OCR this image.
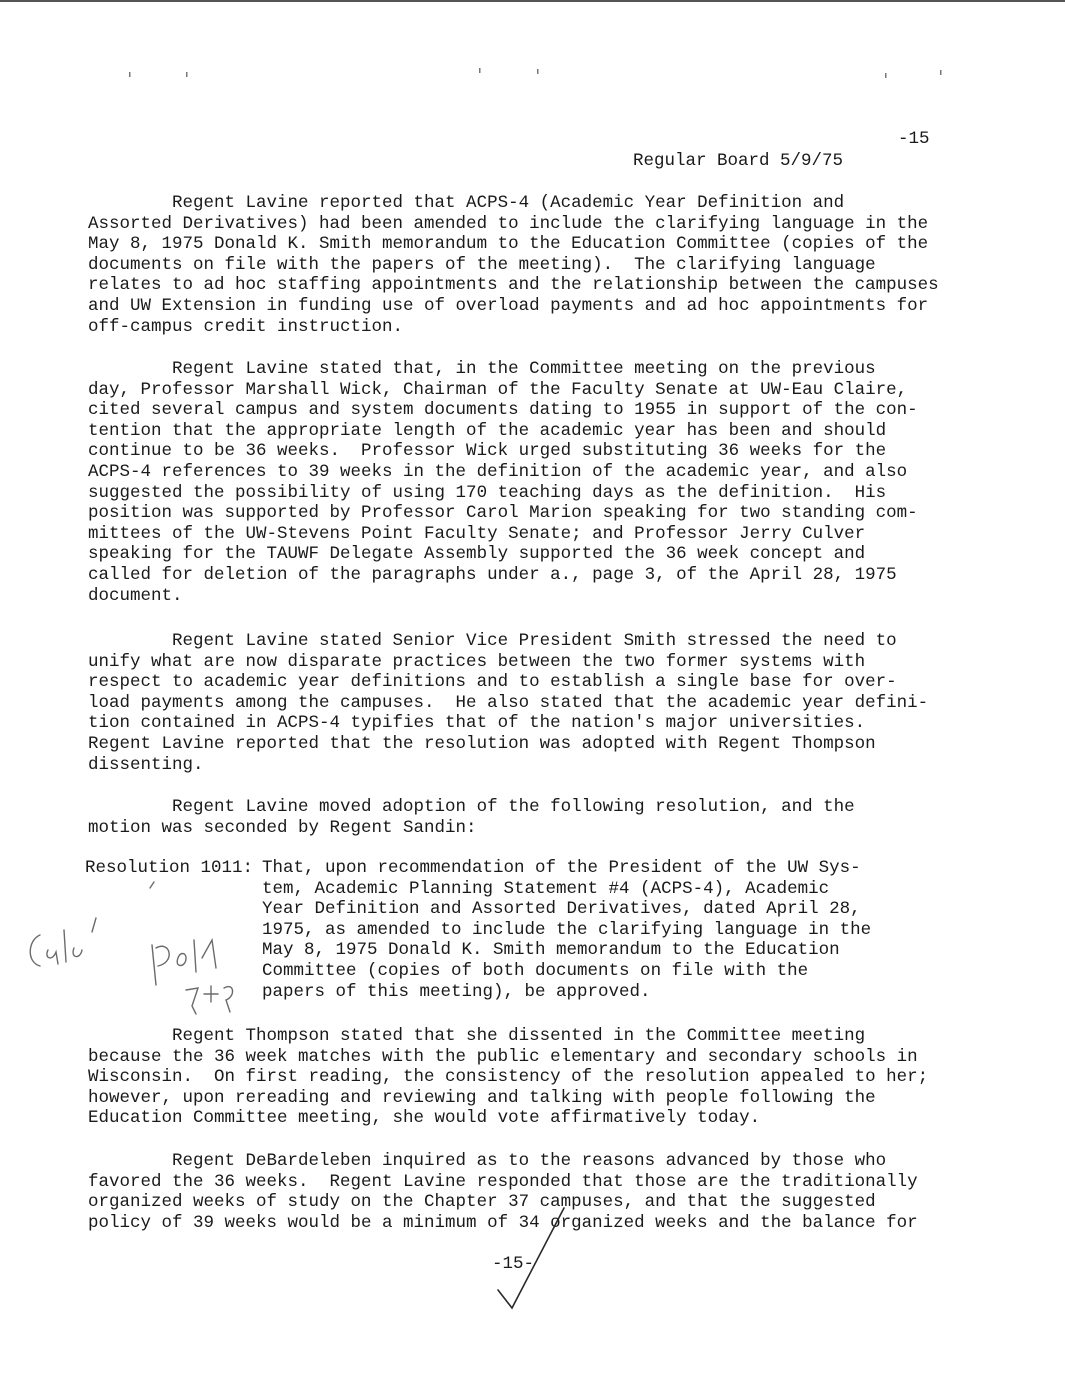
Regular Board 5/9/75

-15

Regent Lavine reported that ACPS-4 (Academic Year Definition and
Assorted Derivatives) had been amended to include the clarifying language in the
May 8, 1975 Donald K. Smith memorandum to the Education Committee (copies of the
documents on file with the papers of the meeting).  The clarifying language
relates to ad hoc staffing appointments and the relationship between the campuses
and UW Extension in funding use of overload payments and ad hoc appointments for
off-campus credit instruction.
Regent Lavine stated that, in the Committee meeting on the previous
day, Professor Marshall Wick, Chairman of the Faculty Senate at UW-Eau Claire,
cited several campus and system documents dating to 1955 in support of the con-
tention that the appropriate length of the academic year has been and should
continue to be 36 weeks.  Professor Wick urged substituting 36 weeks for the
ACPS-4 references to 39 weeks in the definition of the academic year, and also
suggested the possibility of using 170 teaching days as the definition.  His
position was supported by Professor Carol Marion speaking for two standing com-
mittees of the UW-Stevens Point Faculty Senate; and Professor Jerry Culver
speaking for the TAUWF Delegate Assembly supported the 36 week concept and
called for deletion of the paragraphs under a., page 3, of the April 28, 1975
document.
Regent Lavine stated Senior Vice President Smith stressed the need to
unify what are now disparate practices between the two former systems with
respect to academic year definitions and to establish a single base for over-
load payments among the campuses.  He also stated that the academic year defini-
tion contained in ACPS-4 typifies that of the nation's major universities.
Regent Lavine reported that the resolution was adopted with Regent Thompson
dissenting.
Regent Lavine moved adoption of the following resolution, and the
motion was seconded by Regent Sandin:
Resolution 1011: That, upon recommendation of the President of the UW Sys-
tem, Academic Planning Statement #4 (ACPS-4), Academic
Year Definition and Assorted Derivatives, dated April 28,
1975, as amended to include the clarifying language in the
May 8, 1975 Donald K. Smith memorandum to the Education
Committee (copies of both documents on file with the
papers of this meeting), be approved.
Regent Thompson stated that she dissented in the Committee meeting
because the 36 week matches with the public elementary and secondary schools in
Wisconsin.  On first reading, the consistency of the resolution appealed to her;
however, upon rereading and reviewing and talking with people following the
Education Committee meeting, she would vote affirmatively today.
Regent DeBardeleben inquired as to the reasons advanced by those who
favored the 36 weeks.  Regent Lavine responded that those are the traditionally
organized weeks of study on the Chapter 37 campuses, and that the suggested
policy of 39 weeks would be a minimum of 34 organized weeks and the balance for
-15-
